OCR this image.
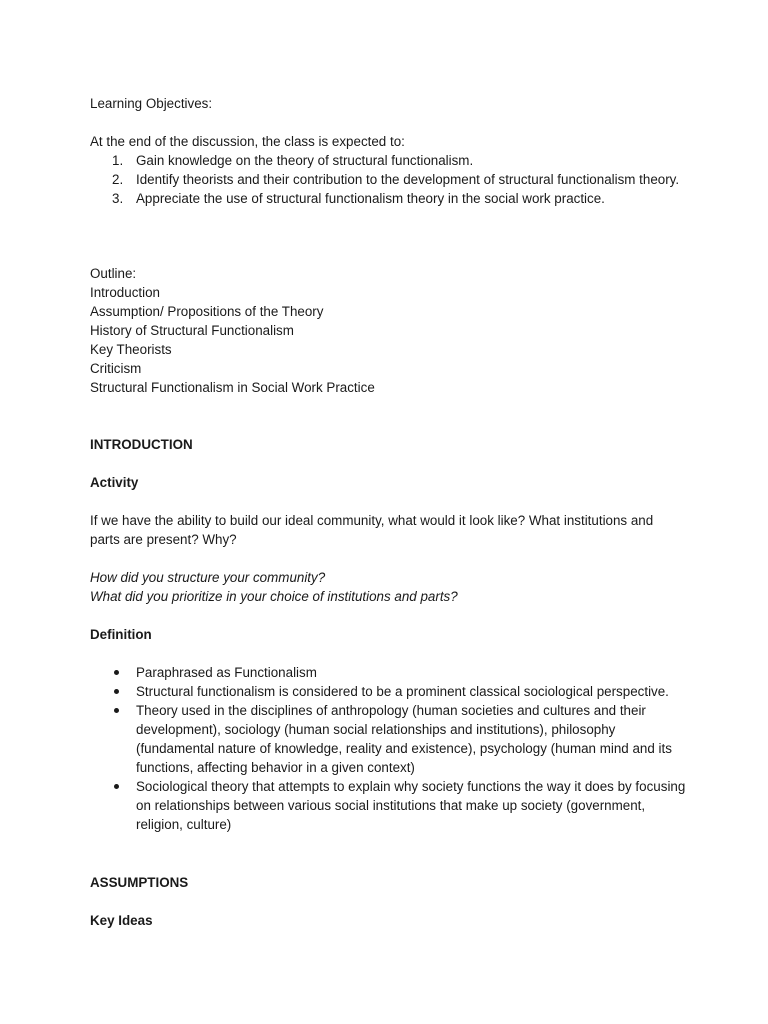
Learning Objectives:

At the end of the discussion, the class is expected to:

1. Gain knowledge on the theory of structural functionalism.
2. Identify theorists and their contribution to the development of structural functionalism theory.
3. Appreciate the use of structural functionalism theory in the social work practice.

Outline:

Introduction
Assumption/ Propositions of the Theory
History of Structural Functionalism
Key Theorists
Criticism
Structural Functionalism in Social Work Practice

INTRODUCTION

Activity

If we have the ability to build our ideal community, what would it look like? What institutions and parts are present? Why?

How did you structure your community?

What did you prioritize in your choice of institutions and parts?

Definition

Paraphrased as Functionalism
Structural functionalism is considered to be a prominent classical sociological perspective.
Theory used in the disciplines of anthropology (human societies and cultures and their development), sociology (human social relationships and institutions), philosophy (fundamental nature of knowledge, reality and existence), psychology (human mind and its functions, affecting behavior in a given context)
Sociological theory that attempts to explain why society functions the way it does by focusing on relationships between various social institutions that make up society (government, religion, culture)

ASSUMPTIONS

Key Ideas
